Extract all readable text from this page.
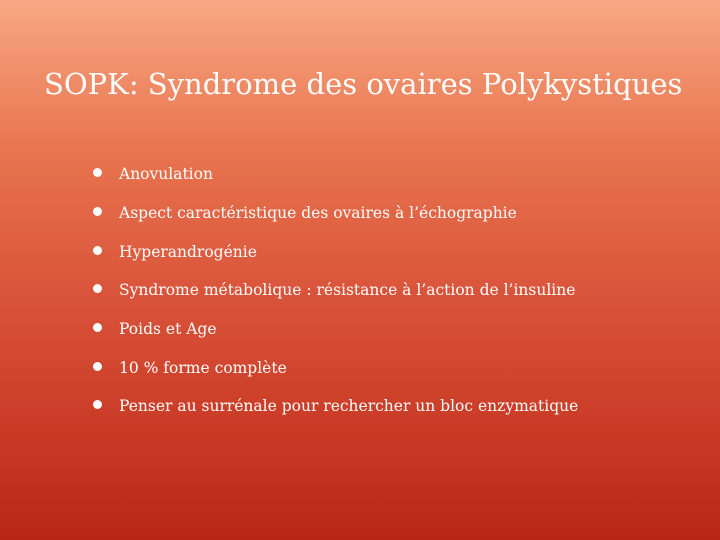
SOPK: Syndrome des ovaires Polykystiques
Anovulation
Aspect caractéristique des ovaires à l’échographie
Hyperandrogénie
Syndrome métabolique : résistance à l’action de l’insuline
Poids et Age
10 % forme complète
Penser au surrénale pour rechercher un bloc enzymatique
